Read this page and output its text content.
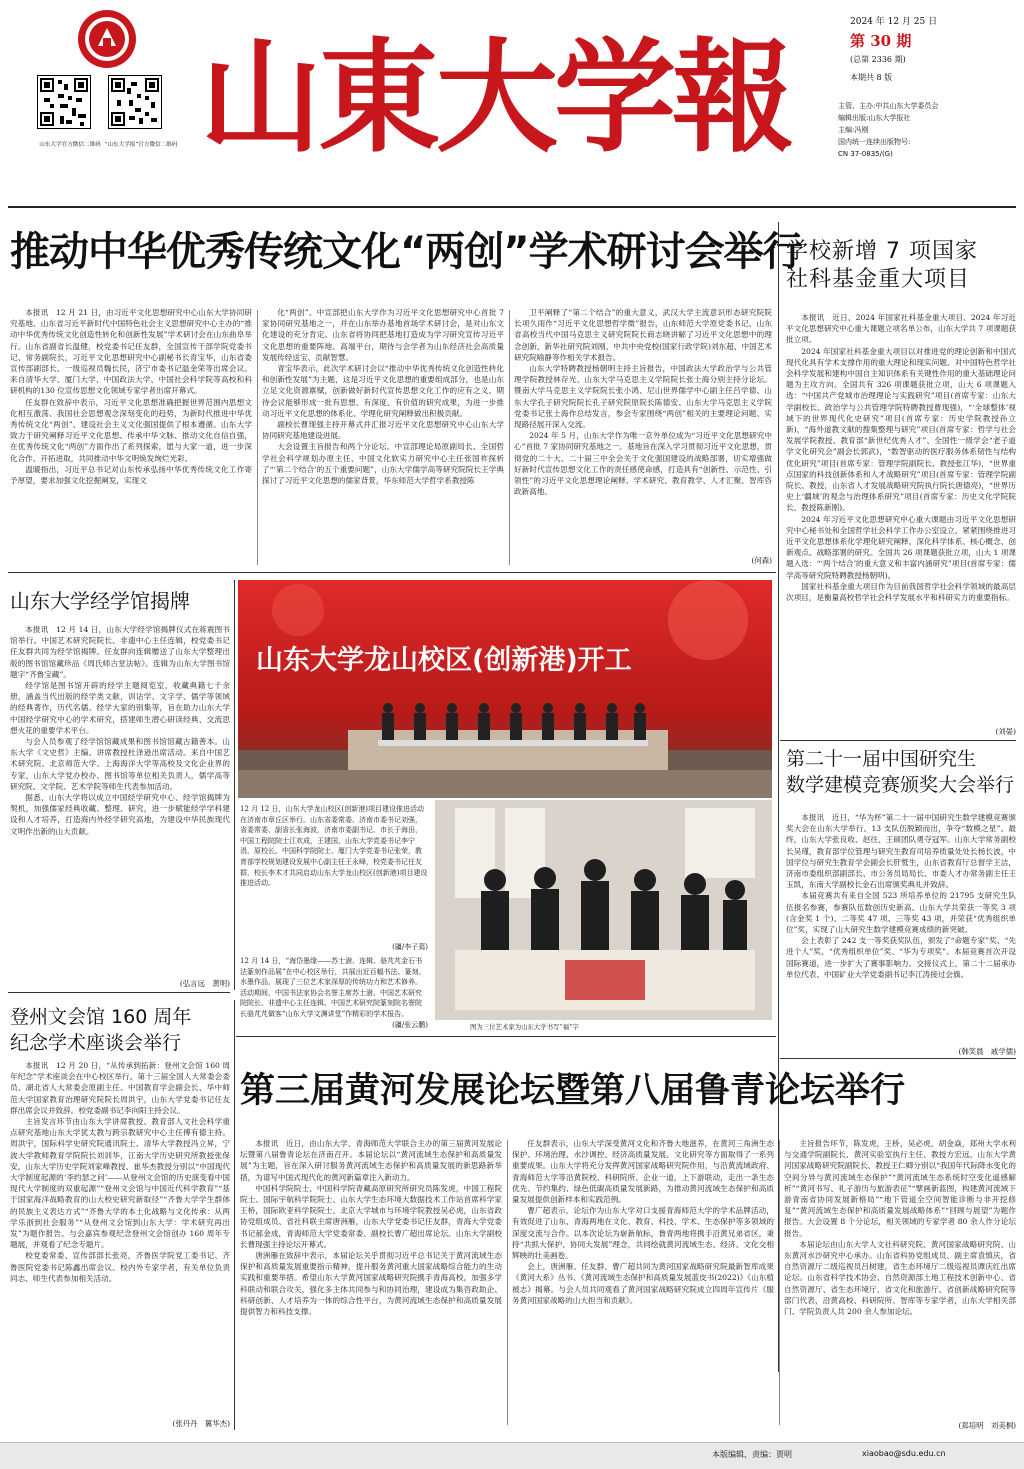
山东大学官方微信二维码 “山东大学报”官方微信二维码 山東大学報
2024 年 12 月 25 日
第 30 期
(总第 2336 期)
本期共 8 版
主管、主办:中共山东大学委员会
编辑出版:山东大学报社
主编:冯刚
国内统一连续出版物号:
CN 37-0835/(G)
推动中华优秀传统文化“两创”学术研讨会举行

本报讯　12 月 21 日，由习近平文化思想研究中心山东大学协同研究基地、山东省习近平新时代中国特色社会主义思想研究中心主办的“推动中华优秀传统文化创造性转化和创新性发展”学术研讨会在山东曲阜举行。山东省副省长温健，校党委书记任友群，全国宣传干部学院党委书记、常务副院长，习近平文化思想研究中心副秘书长青宝华，山东省委宣传部副部长、一级巡视员魏长民，济宁市委书记温金荣等出席会议。来自清华大学、厦门大学、中国政法大学、中国社会科学院等高校和科研机构的130 位宣传思想文化领域专家学者出席开幕式。

任友群在致辞中表示，习近平文化思想准确把握世界范围内思想文化相互激荡、我国社会思想观念深刻变化的趋势，为新时代推进中华优秀传统文化“两创”、建设社会主义文化强国提供了根本遵循。山东大学致力于研究阐释习近平文化思想、传承中华文脉、推动文化自信自强，在优秀传统文化“两创”方面作出了系列探索，愿与大家一道，进一步深化合作、开拓进取，共同推动中华文明焕发绚烂光彩。

温暖指出，习近平总书记对山东传承弘扬中华优秀传统文化工作寄予厚望，要求加强文化挖掘阐发，实现文

化“两创”。中宣部把山东大学作为习近平文化思想研究中心首批 7 家协同研究基地之一，并在山东举办基地首场学术研讨会，是对山东文化建设的充分肯定。山东省将协同把基地打造成为学习研究宣传习近平文化思想的重要阵地、高端平台，期待与会学者为山东经济社会高质量发展传经送宝、贡献智慧。

青宝华表示，此次学术研讨会以“推动中华优秀传统文化创造性转化和创新性发展”为主题，这是习近平文化思想的重要组成部分，也是山东立足文化资源禀赋，创新做好新时代宣传思想文化工作的应有之义。期待会议能够形成一批有思想、有深度、有价值的研究成果，为进一步推动习近平文化思想的体系化、学理化研究阐释做出积极贡献。

副校长曹现强主持开幕式并汇报习近平文化思想研究中心山东大学协同研究基地建设进展。

大会设置主旨报告和两个分论坛。中宣部理论局原副局长、全国哲学社会科学规划办原主任、中国文化软实力研究中心主任张国祚探析了“‘第二个结合’的五个重要问题”，山东大学儒学高等研究院院长王学典探讨了习近平文化思想的儒家背景，华东师范大学哲学系教授陈

卫平阐释了“第二个结合”的重大意义，武汉大学主流意识形态研究院院长项久雨作“习近平文化思想哲学微”报告，山东师范大学原党委书记、山东省高校当代中国马克思主义研究院院长商志晓讲解了习近平文化思想中的理念创新，新华社研究院刘刚、中共中央党校(国家行政学院)刘东超、中国艺术研究院喻静等作相关学术报告。

山东大学特聘教授杨朝明主持主旨报告，中国政法大学政治学与公共管理学院教授林存光、山东大学马克思主义学院院长张士海分别主持分论坛。暨南大学马克思主义学院院长张小鸿、尼山世界儒学中心副主任吕学德、山东大学孔子研究院院长孔子研究院原院长陈德安、山东大学马克思主义学院党委书记张士海作总结发言，参会专家围绕“两创”相关的主要理论问题、实现路径展开深入交流。

2024 年 5 月，山东大学作为唯一京外单位成为“习近平文化思想研究中心”首批 7 家协同研究基地之一。基地旨在深入学习贯彻习近平文化思想，贯彻党的二十大、二十届三中全会关于文化强国建设的战略部署，切实增强做好新时代宣传思想文化工作的责任感使命感，打造具有“创新性、示范性、引领性”的习近平文化思想理论阐释、学术研究、教育教学、人才汇聚、智库咨政新高地。

(何森)
学校新增 7 项国家
社科基金重大项目

本报讯　近日，2024 年国家社科基金重大项目、2024 年习近平文化思想研究中心重大课题立项名单公布，山东大学共 7 项课题获批立项。

2024 年国家社科基金重大项目以对推进党的理论创新和中国式现代化具有学术支撑作用的重大理论和现实问题、对中国特色哲学社会科学发展和建构中国自主知识体系有关键性作用的重大基础理论问题为主攻方向。全国共有 326 项课题获批立项，山大 6 项课题入选：“中国共产党城市治理理论与实践研究”项目(首席专家：山东大学副校长、政治学与公共管理学院特聘教授曹现强)，“‘全球整体’视域下的世界现代化史研究”项目(首席专家：历史学院教授孙立新)，“海外道教文献的搜集整理与研究”项目(首席专家：哲学与社会发展学院教授、教育部“新世纪优秀人才”、全国性一级学会“老子道学文化研究会”副会长郭武)，“数智驱动的医疗服务体系韧性与结构优化研究”项目(首席专家：管理学院副院长、教授张江华)，“世界重点国家的科技创新体系和人才战略研究”项目(首席专家：管理学院副院长、教授，山东省人才发展战略研究院执行院长唐德亮)，“世界历史上‘疆域’的观念与治理体系研究”项目(首席专家：历史文化学院院长、教授陈新刚)。

2024 年习近平文化思想研究中心重大课题由习近平文化思想研究中心秘书处和全国哲学社会科学工作办公室设立，紧紧围绕推进习近平文化思想体系化学理化研究阐释，深化科学体系、核心概念、创新观点、战略部署的研究。全国共 26 项课题获批立项，山大 1 项课题入选：“‘两个结合’的重大意义和丰富内涵研究”项目(首席专家：儒学高等研究院特聘教授杨朝明)。

国家社科基金重大项目作为目前我国哲学社会科学领域的最高层次项目，是衡量高校哲学社会科学发展水平和科研实力的重要指标。

(刘晏)
山东大学经学馆揭牌

本报讯　12 月 14 日，山东大学经学馆揭牌仪式在蒋震图书馆举行。中国艺术研究院院长、非遗中心主任连辑，校党委书记任友群共同为经学馆揭牌。任友群向连辑赠送了山东大学整理出版的图书馆馆藏珍品《周氏师古堂法帖》。连辑为山东大学图书馆题字“齐鲁宝藏”。

经学馆是图书馆开辟的经学主题阅览室，收藏典籍七千余册，涵盖当代出版的经学类文献，训诂学、文字学、儒学等领域的经典著作，历代名儒、经学大家的别集等，旨在助力山东大学中国经学研究中心的学术研究，搭建师生潜心研读经典、交流思想火花的重要学术平台。

与会人员参观了经学馆馆藏成果和图书馆馆藏古籍善本。山东大学《文史哲》主编、讲席教授杜泽逊出席活动。来自中国艺术研究院、北京师范大学、上海海洋大学等高校及文化企业界的专家，山东大学党办校办、图书馆等单位相关负责人，儒学高等研究院、文学院、艺术学院等师生代表参加活动。

据悉，山东大学将以成立中国经学研究中心、经学馆揭牌为契机，加强儒家经典收藏、整理、研究，进一步赋能经学学科建设和人才培养，打造海内外经学研究高地，为建设中华民族现代文明作出新的山大贡献。

(弘言远　黄明)
登州文会馆 160 周年
纪念学术座谈会举行

本报讯　12 月 20 日，“从传承到拓新：登州文会馆 160 周年纪念”学术座谈会在中心校区举行。第十三届全国人大常委会委员、湖北省人大常委会原副主任、中国教育学会副会长、华中师范大学国家教育治理研究院院长周洪宇，山东大学党委书记任友群出席会议并致辞。校党委副书记李向阳主持会议。

主旨发言环节由山东大学讲席教授、教育部人文社会科学重点研究基地山东大学犹太教与跨宗教研究中心主任傅有德主持。周洪宇，国际科学史研究院通讯院士、清华大学教授冯立昇，宁波大学教师教育学院院长刘训华，江南大学历史研究所教授张保安，山东大学历史学院刘家峰教授、崔华杰教授分别以“中国现代大学制度起源的‘李约瑟之问’——从登州文会馆的历史演变看中国现代大学制度的双重起源”“登州文会馆与中国近代科学教育”“基于国家海洋战略教育的山大校史研究新取径”“齐鲁大学学生群体的民族主义表达方式”“齐鲁大学的本土化战略与文化传承：从两学乐浙到社会服务”“从登州文会馆到山东大学：学术研究再出发”为题作报告。与会嘉宾参观纪念登州文会馆创办 160 周年专题展，并观看了纪念专题片。

校党委常委、宣传部部长张亮，齐鲁医学院党工委书记、齐鲁医院党委书记陈鑫出席会议。校内外专家学者，有关单位负责同志、师生代表参加相关活动。

(张丹丹　翼华杰)
山东大学龙山校区(创新港)开工
12 月 12 日，山东大学龙山校区(创新港)项目建设推进活动在济南市章丘区举行。山东省委常委、济南市委书记刘强，省委常委、副省长张海波，济南市委副书记、市长于海田，中国工程院院士江欢成，王建国，山东大学党委书记李宁涓，原校长、中国科学院院士、厦门大学党委书记张荣，教育部学校规划建设发展中心副主任王永峰，校党委书记任友群，校长李术才共同启动山东大学龙山校区(创新港)项目建设推进活动。
(疆/李子蔫)
12 月 14 日，“海岱墨缘——苏士澍、连辑、骆芃芃金石书法篆刻作品展”在中心校区举行，共展出近百幅书法、篆刻、水墨作品，展现了三位艺术家深厚的传统功力和艺术修养。活动期间，中国书法家协会名誉主席苏士澍、中国艺术研究院院长、非遗中心主任连辑、中国艺术研究院篆刻院名誉院长骆芃芃做客“山东大学文渊讲堂”作精彩的学术报告。
(疆/张云鹏)	图为三位艺术家为山东大学书写“福”字
第二十一届中国研究生
数学建模竞赛颁奖大会举行

本报讯　近日，“华为杯”第二十一届中国研究生数学建模竞赛颁奖大会在山东大学举行。13 支队伍脱颖而出，争夺“数模之星”。最终，山东大学张良收、赵往、王硕团队勇夺冠军。山东大学常务副校长吴瑾，教育部学位管理与研究生教育司培养质量处处长杨长波，中国学位与研究生教育学会副会长肝鹫生，山东省教育厅总督学王洁，济南市委组织部副部长、市公务员局局长、市委人才办常务副主任王玉凯，东南大学副校长金石出席颁奖典礼并致辞。

本届竞赛共有来自全国 523 所培养单位的 21795 支研究生队伍报名参赛，参赛队伍数创历史新高。山东大学共荣获一等奖 3 项(含金奖 1 个)、二等奖 47 项、三等奖 43 项，并荣获“优秀组织单位”奖，实现了山大研究生数学建模竞赛成绩的新突破。

会上表彰了 242 支一等奖获奖队伍，颁发了“命题专家”奖、“先进个人”奖、“优秀组织单位”奖、“华为专项奖”。本届竞赛首次开设国际赛道，进一步扩大了赛事影响力。交接仪式上，第二十二届承办单位代表、中国矿业大学党委副书记李江涛接过会旗。

(韩笑晨　戚学儒)
第三届黄河发展论坛暨第八届鲁青论坛举行

本报讯　近日，由山东大学、青海师范大学联合主办的第三届黄河发展论坛暨第八届鲁青论坛在济南召开。本届论坛以“黄河流域生态保护和高质量发展”为主题，旨在深入研讨服务黄河流域生态保护和高质量发展的新思路新举措，为谱写中国式现代化的黄河新篇章注入新动力。

中国科学院院士、中国科学院青藏高原研究所研究员陈发虎，中国工程院院士、国际宇航科学院院士、山东大学生态环境大数据技术工作站首席科学家王桥，国际欧亚科学院院士、北京大学城市与环境学院教授吴必虎，山东省政协党组成员、省社科联主席唐洲雁，山东大学党委书记任友群，青海大学党委书记郝金成，青海师范大学党委常委、副校长曹广超出席论坛。山东大学副校长曹现强主持论坛开幕式。

唐洲雁在致辞中表示，本届论坛关乎贯彻习近平总书记关于黄河流域生态保护和高质量发展重要指示精神，提升服务黄河重大国家战略综合能力的生动实践和重要举措。希望山东大学黄河国家战略研究院携手青海高校，加强多学科联动和联合攻关，强化多主体共同参与和协同治理，建设成为集咨政助企、科研创新、人才培养为一体的综合性平台，为黄河流域生态保护和高质量发展提供智力和科技支撑。

任友群表示，山东大学深受黄河文化和齐鲁大地滋养，在黄河三角洲生态保护、环境治理、水沙调控、经济高质量发展、文化研究等方面取得了一系列重要成果。山东大学将充分发挥黄河国家战略研究院作用，与沿黄流域政府、青海师范大学等沿黄院校、科研院所、企业一道，上下游联动，走出一条生态优先、节约集约、绿色低碳高质量发展新路，为推动黄河流域生态保护和高质量发展提供创新样本和实践范例。

曹广超表示，论坛作为山东大学对口支援青海师范大学的学术品牌活动，有效促进了山东、青海两地在文化、教育、科技、学术、生态保护等多领域的深度交流与合作。以本次论坛为崭新航标，鲁青两地将携手沿黄兄弟省区，秉持“共抓大保护、协同大发展”理念，共同绘就黄河流域生态、经济、文化交相辉映的壮美画卷。

会上，唐洲雁、任友群、曹广超共同为黄河国家战略研究院最新智库成果《黄河大系》丛书、《黄河流域生态保护和高质量发展蓝皮书(2022)》《山东植被志》揭幕。与会人员共同观看了黄河国家战略研究院成立四周年宣传片《服务黄河国家战略的山大担当和贡献》。

主旨报告环节，陈发虎，王桥，吴必虎，胡金焱，郑州大学水利与交通学院副院长、黄河实验室执行主任、教授方宏远，山东大学黄河国家战略研究院副院长、教授王仁卿分别以“我国年代际降水变化的空间分异与黄河流域生态保护”“黄河流域生态系统时空变化遥感解析”“黄河书写、礼子游历与旅游表征”“擘画新蓝图，构建黄河流域下游青南省协同发展新格局”“地下管道全空间智能诊断与非开挖修复”“黄河流域生态保护和高质量发展战略体系”“回顾与展望”为题作报告。大会设置 8 个分论坛，相关领域的专家学者 80 余人作分论坛报告。

本届论坛由山东大学人文社科研究院、黄河国家战略研究院、山东黄河水沙研究中心承办。山东省科协党组成员、副主席袁慎庆，省自然资源厅二级巡视员吕树建，省生态环境厅二级巡视员谭庆红出席论坛。山东省科学技术协会、自然资源部土地工程技术创新中心、省自然资源厅、省生态环境厅、省文化和旅游厅、省创新战略研究院等部门代表，沿黄高校、科研院所、智库等专家学者，山东大学相关部门、学院负责人共 200 余人参加论坛。

(郑培明　刘美桐)
本版编辑、责编：贾明	xiaobao@sdu.edu.cn
